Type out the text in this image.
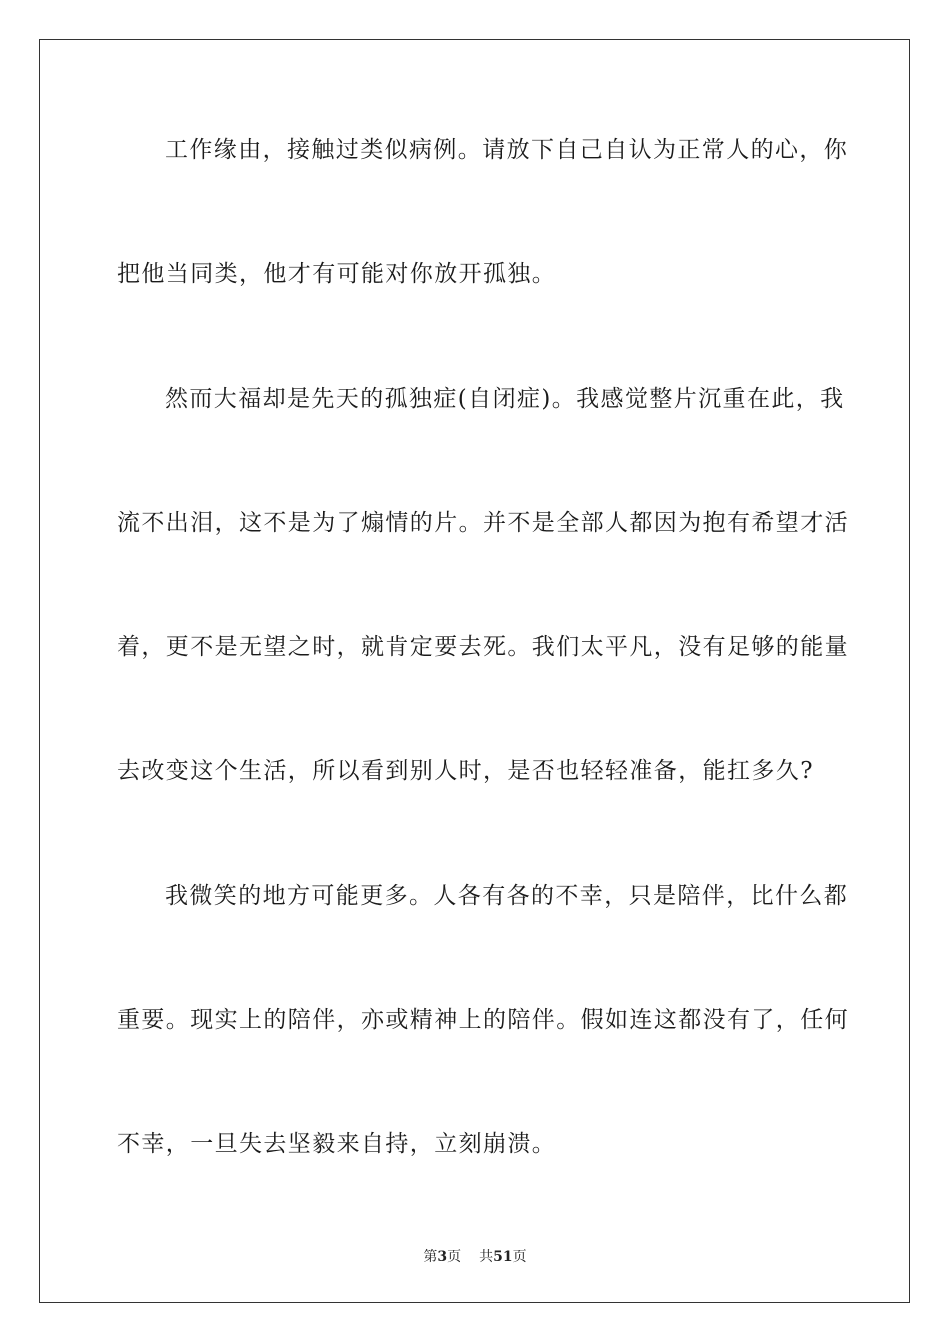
工作缘由，接触过类似病例。请放下自己自认为正常人的心，你
把他当同类，他才有可能对你放开孤独。
然而大福却是先天的孤独症(自闭症)。我感觉整片沉重在此，我
流不出泪，这不是为了煽情的片。并不是全部人都因为抱有希望才活
着，更不是无望之时，就肯定要去死。我们太平凡，没有足够的能量
去改变这个生活，所以看到别人时，是否也轻轻准备，能扛多久?
我微笑的地方可能更多。人各有各的不幸，只是陪伴，比什么都
重要。现实上的陪伴，亦或精神上的陪伴。假如连这都没有了，任何
不幸，一旦失去坚毅来自持，立刻崩溃。
第3页 共51页
